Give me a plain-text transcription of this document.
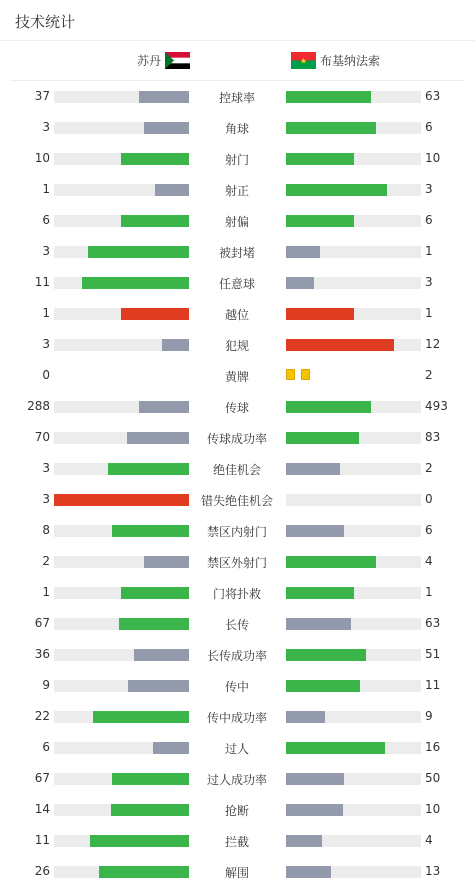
技术统计
苏丹	布基纳法索
37	控球率	63
3	角球	6
10	射门	10
1	射正	3
6	射偏	6
3	被封堵	1
11	任意球	3
1	越位	1
3	犯规	12
0	黄牌	2
288	传球	493
70	传球成功率	83
3	绝佳机会	2
3	错失绝佳机会	0
8	禁区内射门	6
2	禁区外射门	4
1	门将扑救	1
67	长传	63
36	长传成功率	51
9	传中	11
22	传中成功率	9
6	过人	16
67	过人成功率	50
14	抢断	10
11	拦截	4
26	解围	13
